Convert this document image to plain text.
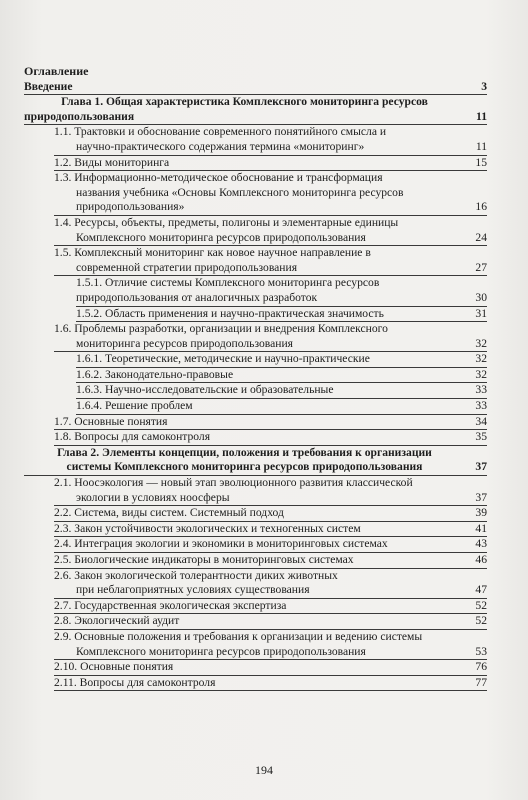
Оглавление
Введение	3
Глава 1. Общая характеристика Комплексного мониторинга ресурсов
природопользования	11
1.1. Трактовки и обоснование современного понятийного смысла и
научно-практического содержания термина «мониторинг»	11
1.2. Виды мониторинга	15
1.3. Информационно-методическое обоснование и трансформация
названия учебника «Основы Комплексного мониторинга ресурсов
природопользования»	16
1.4. Ресурсы, объекты, предметы, полигоны и элементарные единицы
Комплексного мониторинга ресурсов природопользования	24
1.5. Комплексный мониторинг как новое научное направление в
современной стратегии природопользования	27
1.5.1. Отличие системы Комплексного мониторинга ресурсов
природопользования от аналогичных разработок	30
1.5.2. Область применения и научно-практическая значимость	31
1.6. Проблемы разработки, организации и внедрения Комплексного
мониторинга ресурсов природопользования	32
1.6.1. Теоретические, методические и научно-практические	32
1.6.2. Законодательно-правовые	32
1.6.3. Научно-исследовательские и образовательные	33
1.6.4. Решение проблем	33
1.7. Основные понятия	34
1.8. Вопросы для самоконтроля	35
Глава 2. Элементы концепции, положения и требования к организации
системы Комплексного мониторинга ресурсов природопользования	37
2.1. Ноосэкология — новый этап эволюционного развития классической
экологии в условиях ноосферы	37
2.2. Система, виды систем. Системный подход	39
2.3. Закон устойчивости экологических и техногенных систем	41
2.4. Интеграция экологии и экономики в мониторинговых системах	43
2.5. Биологические индикаторы в мониторинговых системах	46
2.6. Закон экологической толерантности диких животных
при неблагоприятных условиях существования	47
2.7. Государственная экологическая экспертиза	52
2.8. Экологический аудит	52
2.9. Основные положения и требования к организации и ведению системы
Комплексного мониторинга ресурсов природопользования	53
2.10. Основные понятия	76
2.11. Вопросы для самоконтроля	77
194
